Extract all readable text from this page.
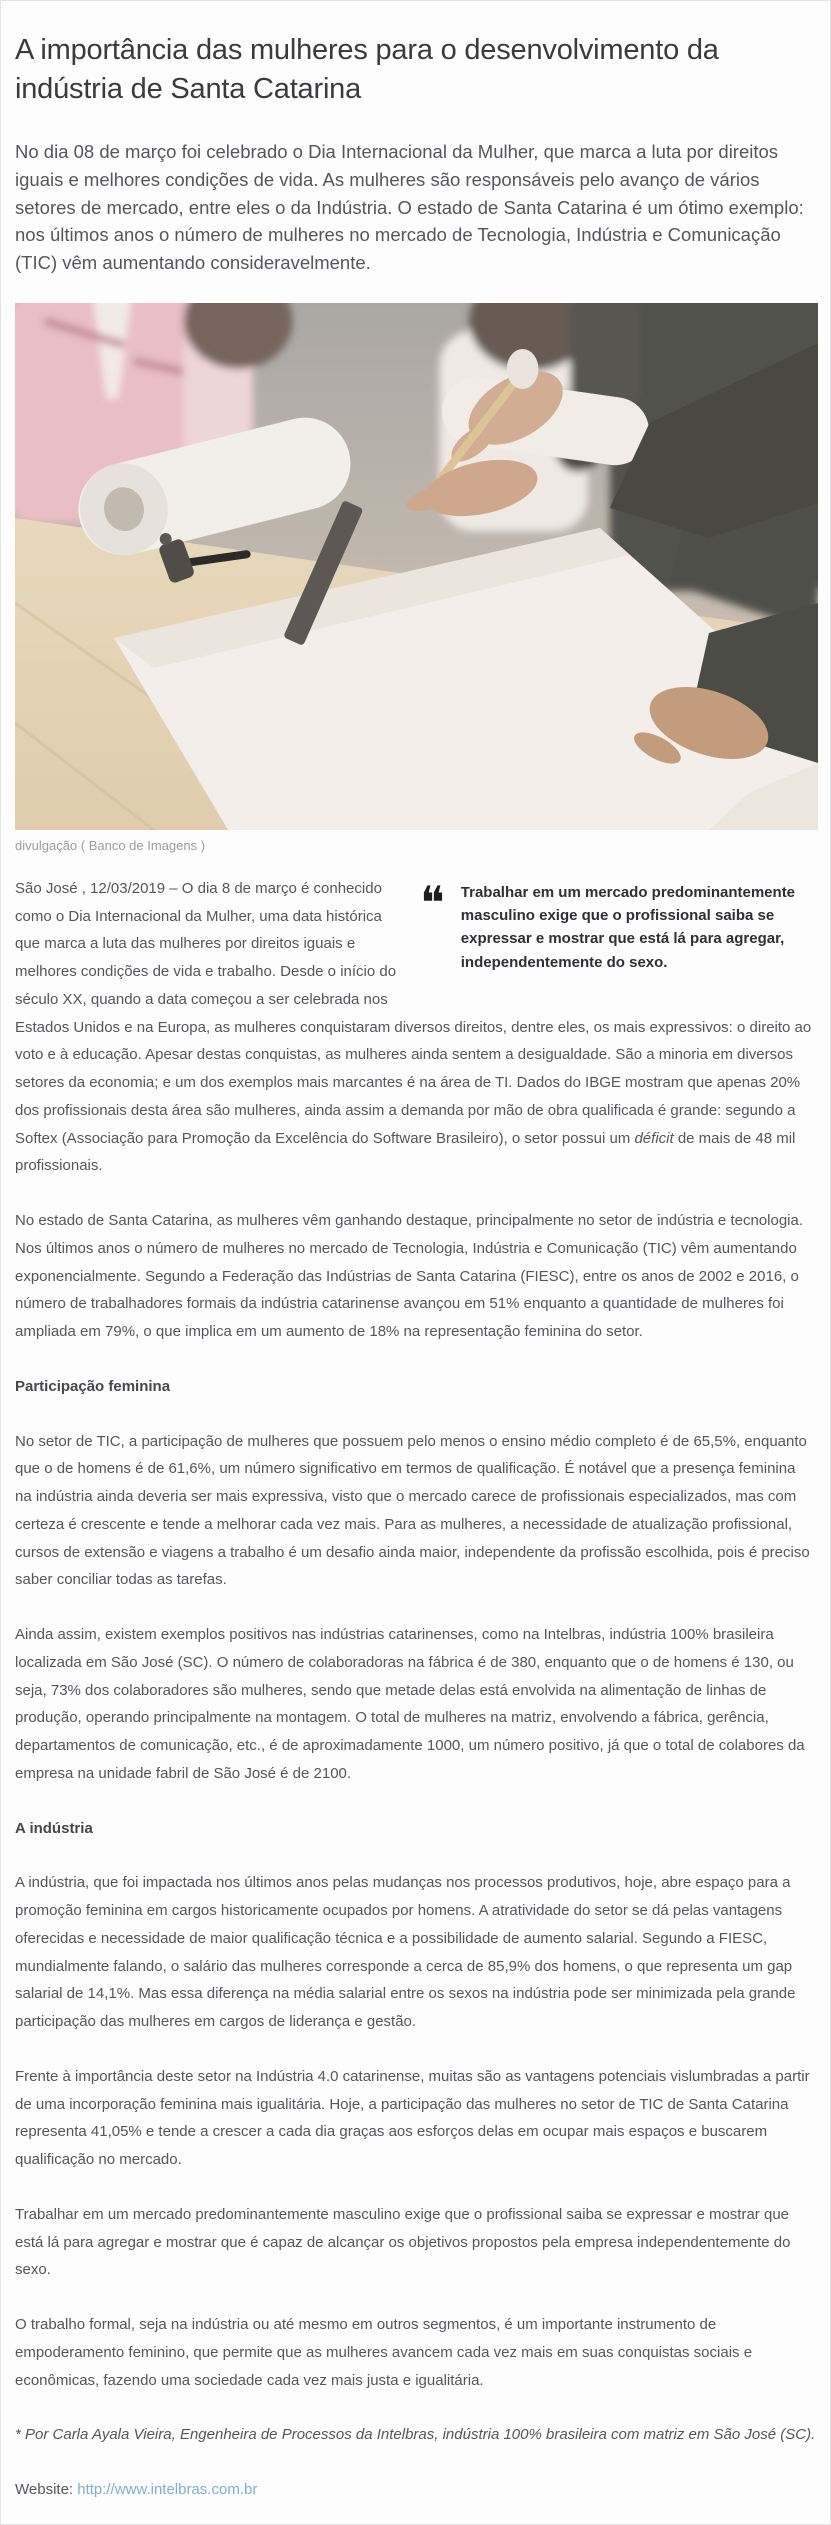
A importância das mulheres para o desenvolvimento da indústria de Santa Catarina

No dia 08 de março foi celebrado o Dia Internacional da Mulher, que marca a luta por direitos iguais e melhores condições de vida. As mulheres são responsáveis pelo avanço de vários setores de mercado, entre eles o da Indústria. O estado de Santa Catarina é um ótimo exemplo: nos últimos anos o número de mulheres no mercado de Tecnologia, Indústria e Comunicação (TIC) vêm aumentando consideravelmente.

divulgação ( Banco de Imagens )
❝ Trabalhar em um mercado predominantemente masculino exige que o profissional saiba se expressar e mostrar que está lá para agregar, independentemente do sexo.

São José , 12/03/2019 – O dia 8 de março é conhecido como o Dia Internacional da Mulher, uma data histórica que marca a luta das mulheres por direitos iguais e melhores condições de vida e trabalho. Desde o início do século XX, quando a data começou a ser celebrada nos Estados Unidos e na Europa, as mulheres conquistaram diversos direitos, dentre eles, os mais expressivos: o direito ao voto e à educação. Apesar destas conquistas, as mulheres ainda sentem a desigualdade. São a minoria em diversos setores da economia; e um dos exemplos mais marcantes é na área de TI. Dados do IBGE mostram que apenas 20% dos profissionais desta área são mulheres, ainda assim a demanda por mão de obra qualificada é grande: segundo a Softex (Associação para Promoção da Excelência do Software Brasileiro), o setor possui um déficit de mais de 48 mil profissionais.

No estado de Santa Catarina, as mulheres vêm ganhando destaque, principalmente no setor de indústria e tecnologia. Nos últimos anos o número de mulheres no mercado de Tecnologia, Indústria e Comunicação (TIC) vêm aumentando exponencialmente. Segundo a Federação das Indústrias de Santa Catarina (FIESC), entre os anos de 2002 e 2016, o número de trabalhadores formais da indústria catarinense avançou em 51% enquanto a quantidade de mulheres foi ampliada em 79%, o que implica em um aumento de 18% na representação feminina do setor.

Participação feminina

No setor de TIC, a participação de mulheres que possuem pelo menos o ensino médio completo é de 65,5%, enquanto que o de homens é de 61,6%, um número significativo em termos de qualificação. É notável que a presença feminina na indústria ainda deveria ser mais expressiva, visto que o mercado carece de profissionais especializados, mas com certeza é crescente e tende a melhorar cada vez mais. Para as mulheres, a necessidade de atualização profissional, cursos de extensão e viagens a trabalho é um desafio ainda maior, independente da profissão escolhida, pois é preciso saber conciliar todas as tarefas.

Ainda assim, existem exemplos positivos nas indústrias catarinenses, como na Intelbras, indústria 100% brasileira localizada em São José (SC). O número de colaboradoras na fábrica é de 380, enquanto que o de homens é 130, ou seja, 73% dos colaboradores são mulheres, sendo que metade delas está envolvida na alimentação de linhas de produção, operando principalmente na montagem. O total de mulheres na matriz, envolvendo a fábrica, gerência, departamentos de comunicação, etc., é de aproximadamente 1000, um número positivo, já que o total de colabores da empresa na unidade fabril de São José é de 2100.

A indústria

A indústria, que foi impactada nos últimos anos pelas mudanças nos processos produtivos, hoje, abre espaço para a promoção feminina em cargos historicamente ocupados por homens. A atratividade do setor se dá pelas vantagens oferecidas e necessidade de maior qualificação técnica e a possibilidade de aumento salarial. Segundo a FIESC, mundialmente falando, o salário das mulheres corresponde a cerca de 85,9% dos homens, o que representa um gap salarial de 14,1%. Mas essa diferença na média salarial entre os sexos na indústria pode ser minimizada pela grande participação das mulheres em cargos de liderança e gestão.

Frente à importância deste setor na Indústria 4.0 catarinense, muitas são as vantagens potenciais vislumbradas a partir de uma incorporação feminina mais igualitária. Hoje, a participação das mulheres no setor de TIC de Santa Catarina representa 41,05% e tende a crescer a cada dia graças aos esforços delas em ocupar mais espaços e buscarem qualificação no mercado.

Trabalhar em um mercado predominantemente masculino exige que o profissional saiba se expressar e mostrar que está lá para agregar e mostrar que é capaz de alcançar os objetivos propostos pela empresa independentemente do sexo.

O trabalho formal, seja na indústria ou até mesmo em outros segmentos, é um importante instrumento de empoderamento feminino, que permite que as mulheres avancem cada vez mais em suas conquistas sociais e econômicas, fazendo uma sociedade cada vez mais justa e igualitária.

* Por Carla Ayala Vieira, Engenheira de Processos da Intelbras, indústria 100% brasileira com matriz em São José (SC).

Website: http://www.intelbras.com.br
